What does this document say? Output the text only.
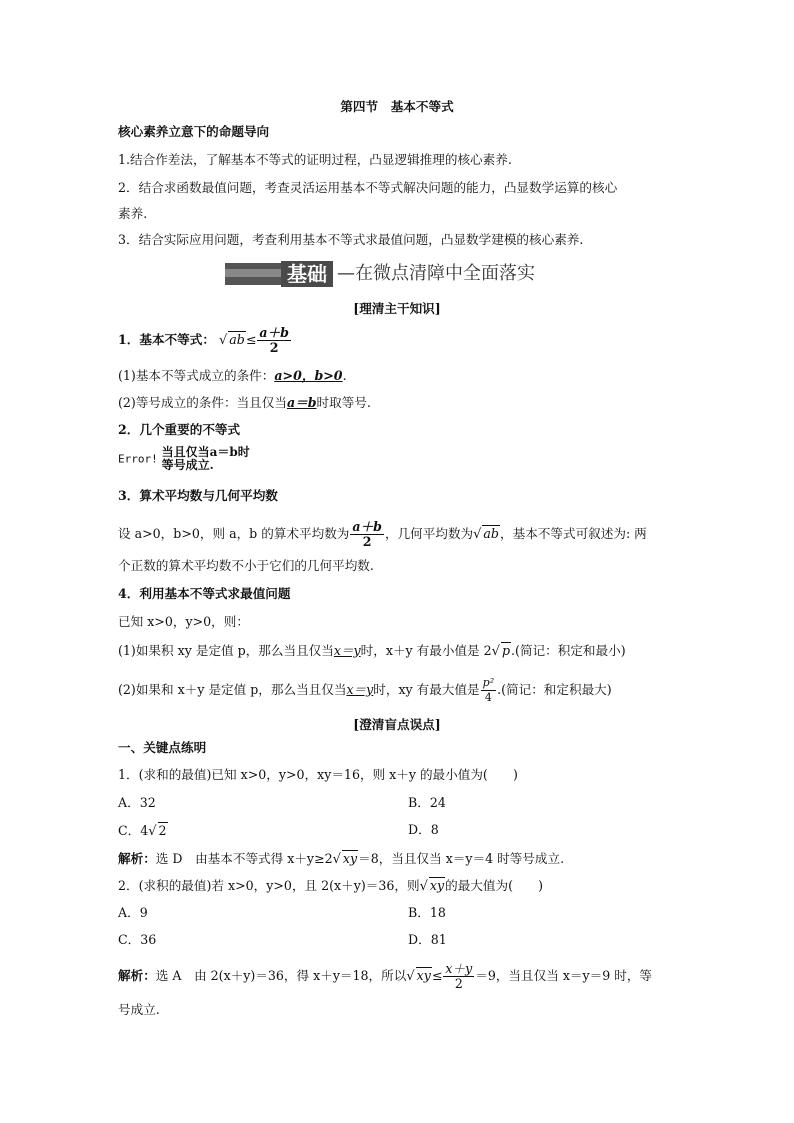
第四节　基本不等式
核心素养立意下的命题导向
1.结合作差法，了解基本不等式的证明过程，凸显逻辑推理的核心素养.
2．结合求函数最值问题，考查灵活运用基本不等式解决问题的能力，凸显数学运算的核心
素养.
3．结合实际应用问题，考查利用基本不等式求最值问题，凸显数学建模的核心素养.
基础 —在微点清障中全面落实
[理清主干知识]
1．基本不等式： √ $ab\le \frac{a+b}{2}$
(1)基本不等式成立的条件：a>0，b>0.
(2)等号成立的条件：当且仅当a＝b时取等号.
2．几个重要的不等式
Error! 当且仅当a＝b时
等号成立.
3．算术平均数与几何平均数
设 a>0，b>0，则 a，b 的算术平均数为 $\frac{a+b}{2}$ ，几何平均数为√ ab，基本不等式可叙述为: 两
个正数的算术平均数不小于它们的几何平均数.
4．利用基本不等式求最值问题
已知 x>0，y>0，则：
(1)如果积 xy 是定值 p，那么当且仅当x＝y时，x＋y 有最小值是 2√ p.(简记：积定和最小)
(2)如果和 x＋y 是定值 p，那么当且仅当x＝y时，xy 有最大值是 $\frac{\text{p²}}{4}$ .(简记：和定积最大)
[澄清盲点误点]
一、关键点练明
1．(求和的最值)已知 x>0，y>0，xy＝16，则 x＋y 的最小值为(　　)
A．32	B．24
C．4√ 2	D．8
解析：选 D　由基本不等式得 x＋y≥2√ xy＝8，当且仅当 x＝y＝4 时等号成立.
2．(求积的最值)若 x>0，y>0，且 2(x＋y)＝36，则√ xy的最大值为(　　)
A．9	B．18
C．36	D．81
解析：选 A　由 2(x＋y)＝36，得 x＋y＝18，所以√ $xy\le \frac{x+y}{2} =9$，当且仅当 x＝y＝9 时，等
号成立.
